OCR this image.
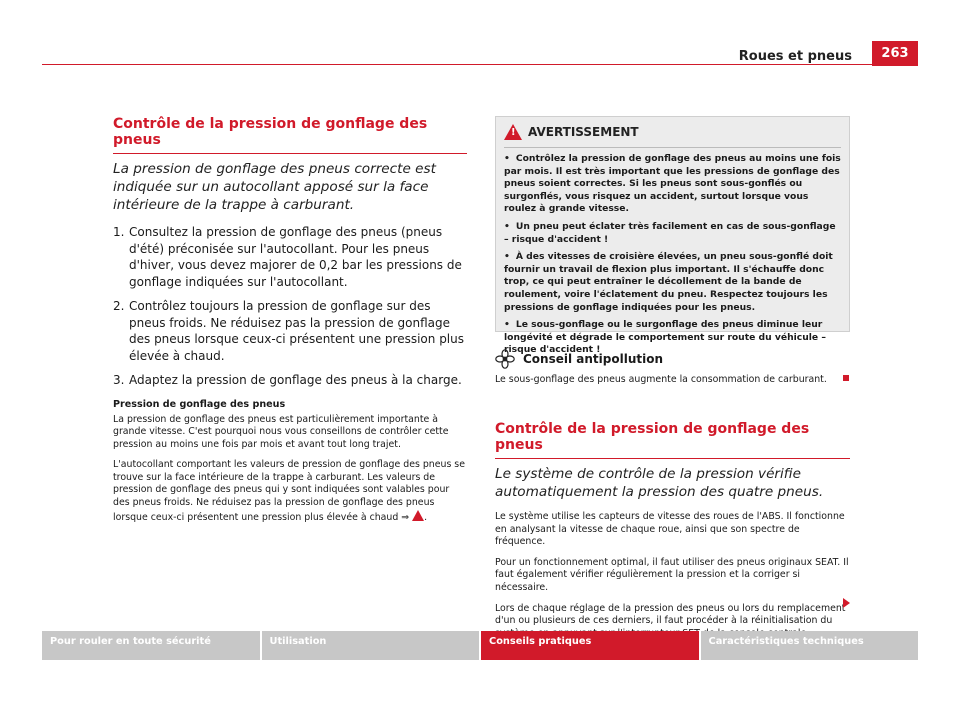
Roues et pneus	263
Contrôle de la pression de gonflage des pneus

La pression de gonflage des pneus correcte est indiquée sur un autocollant apposé sur la face intérieure de la trappe à carburant.

1. Consultez la pression de gonflage des pneus (pneus d'été) préconisée sur l'autocollant. Pour les pneus d'hiver, vous devez majorer de 0,2 bar les pressions de gonflage indiquées sur l'autocollant.
2. Contrôlez toujours la pression de gonflage sur des pneus froids. Ne réduisez pas la pression de gonflage des pneus lorsque ceux-ci présentent une pression plus élevée à chaud.
3. Adaptez la pression de gonflage des pneus à la charge.
Pression de gonflage des pneus

La pression de gonflage des pneus est particulièrement importante à grande vitesse. C'est pourquoi nous vous conseillons de contrôler cette pression au moins une fois par mois et avant tout long trajet.

L'autocollant comportant les valeurs de pression de gonflage des pneus se trouve sur la face intérieure de la trappe à carburant. Les valeurs de pression de gonflage des pneus qui y sont indiquées sont valables pour des pneus froids. Ne réduisez pas la pression de gonflage des pneus lorsque ceux-ci présentent une pression plus élevée à chaud ⇒ .

!
AVERTISSEMENT

• Contrôlez la pression de gonflage des pneus au moins une fois par mois. Il est très important que les pressions de gonflage des pneus soient correctes. Si les pneus sont sous-gonflés ou surgonflés, vous risquez un accident, surtout lorsque vous roulez à grande vitesse.

• Un pneu peut éclater très facilement en cas de sous-gonflage – risque d'accident !

• À des vitesses de croisière élevées, un pneu sous-gonflé doit fournir un travail de flexion plus important. Il s'échauffe donc trop, ce qui peut entraîner le décollement de la bande de roulement, voire l'éclatement du pneu. Respectez toujours les pressions de gonflage indiquées pour les pneus.

• Le sous-gonflage ou le surgonflage des pneus diminue leur longévité et dégrade le comportement sur route du véhicule – risque d'accident !

Conseil antipollution

Le sous-gonflage des pneus augmente la consommation de carburant.

Contrôle de la pression de gonflage des pneus

Le système de contrôle de la pression vérifie automatiquement la pression des quatre pneus.

Le système utilise les capteurs de vitesse des roues de l'ABS. Il fonctionne en analysant la vitesse de chaque roue, ainsi que son spectre de fréquence.

Pour un fonctionnement optimal, il faut utiliser des pneus originaux SEAT. Il faut également vérifier régulièrement la pression et la corriger si nécessaire.

Lors de chaque réglage de la pression des pneus ou lors du remplacement d'un ou plusieurs de ces derniers, il faut procéder à la réinitialisation du

Pour rouler en toute sécurité	Utilisation	Conseils pratiques	Caractéristiques techniques
